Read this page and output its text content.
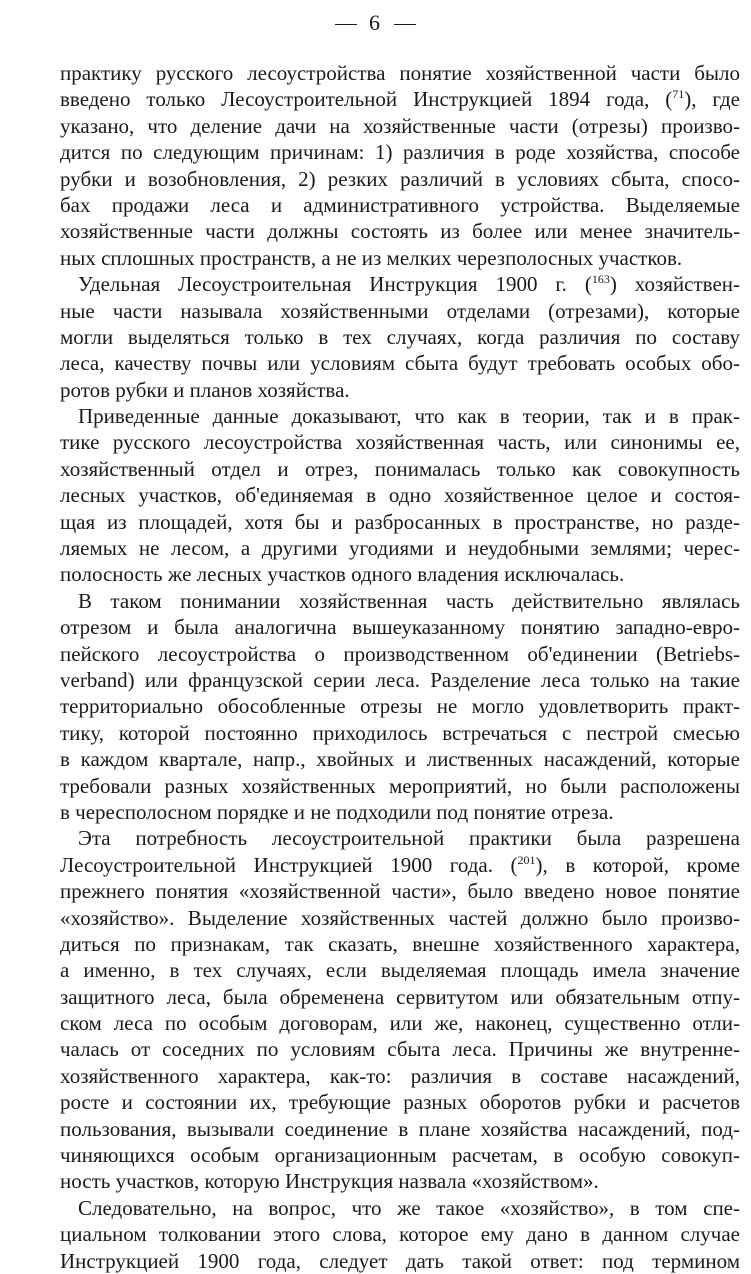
6
практику русского лесоустройства понятие хозяйственной части было
введено только Лесоустроительной Инструкцией 1894 года, ($^{71}$), где
указано, что деление дачи на хозяйственные части (отрезы) произво-
дится по следующим причинам: 1) различия в роде хозяйства, способе
рубки и возобновления, 2) резких различий в условиях сбыта, спосо-
бах продажи леса и административного устройства. Выделяемые
хозяйственные части должны состоять из более или менее значитель-
ных сплошных пространств, а не из мелких черезполосных участков.
Удельная Лесоустроительная Инструкция 1900 г. ($^{163}$) хозяйствен-
ные части называла хозяйственными отделами (отрезами), которые
могли выделяться только в тех случаях, когда различия по составу
леса, качеству почвы или условиям сбыта будут требовать особых обо-
ротов рубки и планов хозяйства.
Приведенные данные доказывают, что как в теории, так и в прак-
тике русского лесоустройства хозяйственная часть, или синонимы ее,
хозяйственный отдел и отрез, понималась только как совокупность
лесных участков, об'единяемая в одно хозяйственное целое и состоя-
щая из площадей, хотя бы и разбросанных в пространстве, но разде-
ляемых не лесом, а другими угодиями и неудобными землями; черес-
полосность же лесных участков одного владения исключалась.
В таком понимании хозяйственная часть действительно являлась
отрезом и была аналогична вышеуказанному понятию западно-евро-
пейского лесоустройства о производственном об'единении (Betriebs-
verband) или французской серии леса. Разделение леса только на такие
территориально обособленные отрезы не могло удовлетворить практ-
тику, которой постоянно приходилось встречаться с пестрой смесью
в каждом квартале, напр., хвойных и лиственных насаждений, которые
требовали разных хозяйственных мероприятий, но были расположены
в чересполосном порядке и не подходили под понятие отреза.
Эта потребность лесоустроительной практики была разрешена
Лесоустроительной Инструкцией 1900 года. ($^{201}$), в которой, кроме
прежнего понятия «хозяйственной части», было введено новое понятие
«хозяйство». Выделение хозяйственных частей должно было произво-
диться по признакам, так сказать, внешне хозяйственного характера,
а именно, в тех случаях, если выделяемая площадь имела значение
защитного леса, была обременена сервитутом или обязательным отпу-
ском леса по особым договорам, или же, наконец, существенно отли-
чалась от соседних по условиям сбыта леса. Причины же внутренне-
хозяйственного характера, как-то: различия в составе насаждений,
росте и состоянии их, требующие разных оборотов рубки и расчетов
пользования, вызывали соединение в плане хозяйства насаждений, под-
чиняющихся особым организационным расчетам, в особую совокуп-
ность участков, которую Инструкция назвала «хозяйством».
Следовательно, на вопрос, что же такое «хозяйство», в том спе-
циальном толковании этого слова, которое ему дано в данном случае
Инструкцией 1900 года, следует дать такой ответ: под термином
